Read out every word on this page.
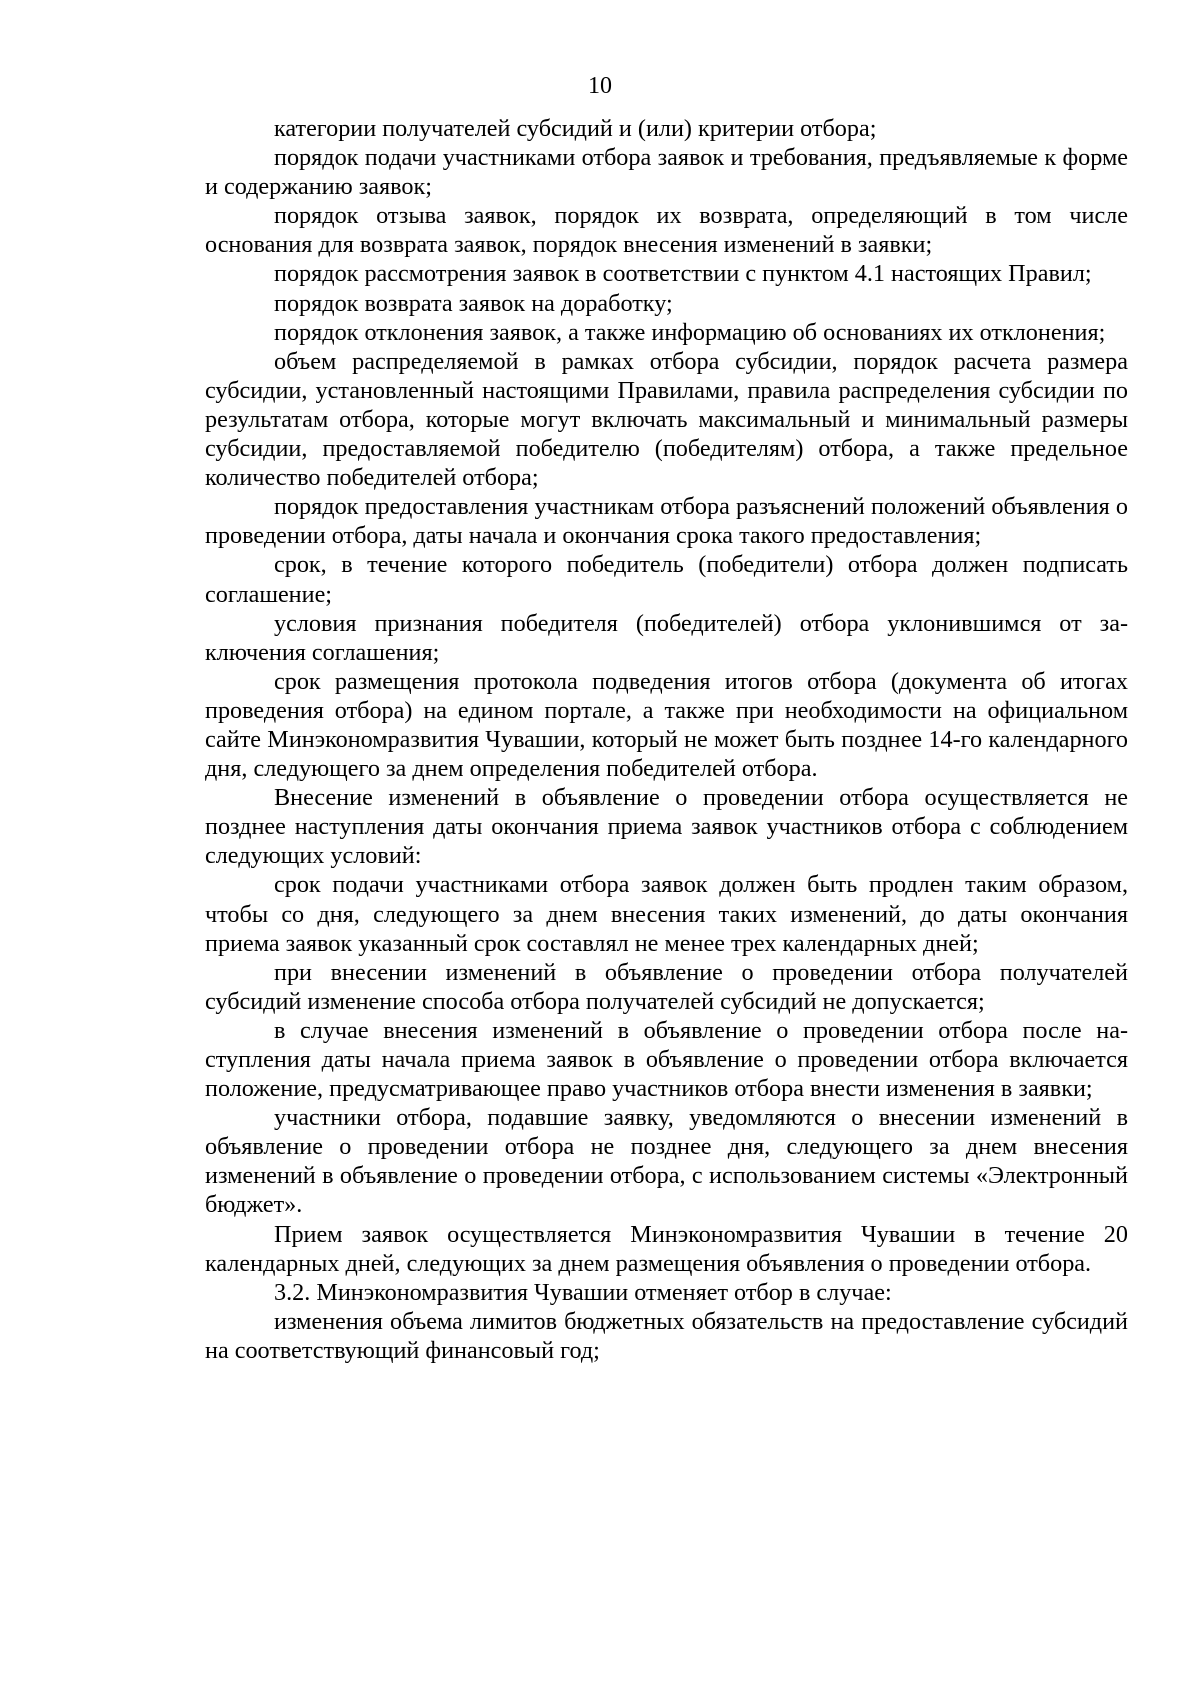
10

категории получателей субсидий и (или) критерии отбора;

порядок подачи участниками отбора заявок и требования, предъявляемые к форме и содержанию заявок;

порядок отзыва заявок, порядок их возврата, определяющий в том числе основания для возврата заявок, порядок внесения изменений в заявки;

порядок рассмотрения заявок в соответствии с пунктом 4.1 настоящих Правил;

порядок возврата заявок на доработку;

порядок отклонения заявок, а также информацию об основаниях их отклонения;

объем распределяемой в рамках отбора субсидии, порядок расчета размера субсидии, установленный настоящими Правилами, правила распределения субсидии по результатам отбора, которые могут включать максимальный и минимальный размеры субсидии, предоставляемой победителю (победителям) отбора, а также предельное количество победителей отбора;

порядок предоставления участникам отбора разъяснений положений объявления о проведении отбора, даты начала и окончания срока такого предоставления;

срок, в течение которого победитель (победители) отбора должен подписать соглашение;

условия признания победителя (победителей) отбора уклонившимся от заключения соглашения;

срок размещения протокола подведения итогов отбора (документа об итогах проведения отбора) на едином портале, а также при необходимости на официальном сайте Минэкономразвития Чувашии, который не может быть позднее 14-го календарного дня, следующего за днем определения победителей отбора.

Внесение изменений в объявление о проведении отбора осуществляется не позднее наступления даты окончания приема заявок участников отбора с соблюдением следующих условий:

срок подачи участниками отбора заявок должен быть продлен таким образом, чтобы со дня, следующего за днем внесения таких изменений, до даты окончания приема заявок указанный срок составлял не менее трех календарных дней;

при внесении изменений в объявление о проведении отбора получателей субсидий изменение способа отбора получателей субсидий не допускается;

в случае внесения изменений в объявление о проведении отбора после наступления даты начала приема заявок в объявление о проведении отбора включается положение, предусматривающее право участников отбора внести изменения в заявки;

участники отбора, подавшие заявку, уведомляются о внесении изменений в объявление о проведении отбора не позднее дня, следующего за днем внесения изменений в объявление о проведении отбора, с использованием системы «Электронный бюджет».

Прием заявок осуществляется Минэкономразвития Чувашии в течение 20 календарных дней, следующих за днем размещения объявления о проведении отбора.

3.2. Минэкономразвития Чувашии отменяет отбор в случае:

изменения объема лимитов бюджетных обязательств на предоставление субсидий на соответствующий финансовый год;
